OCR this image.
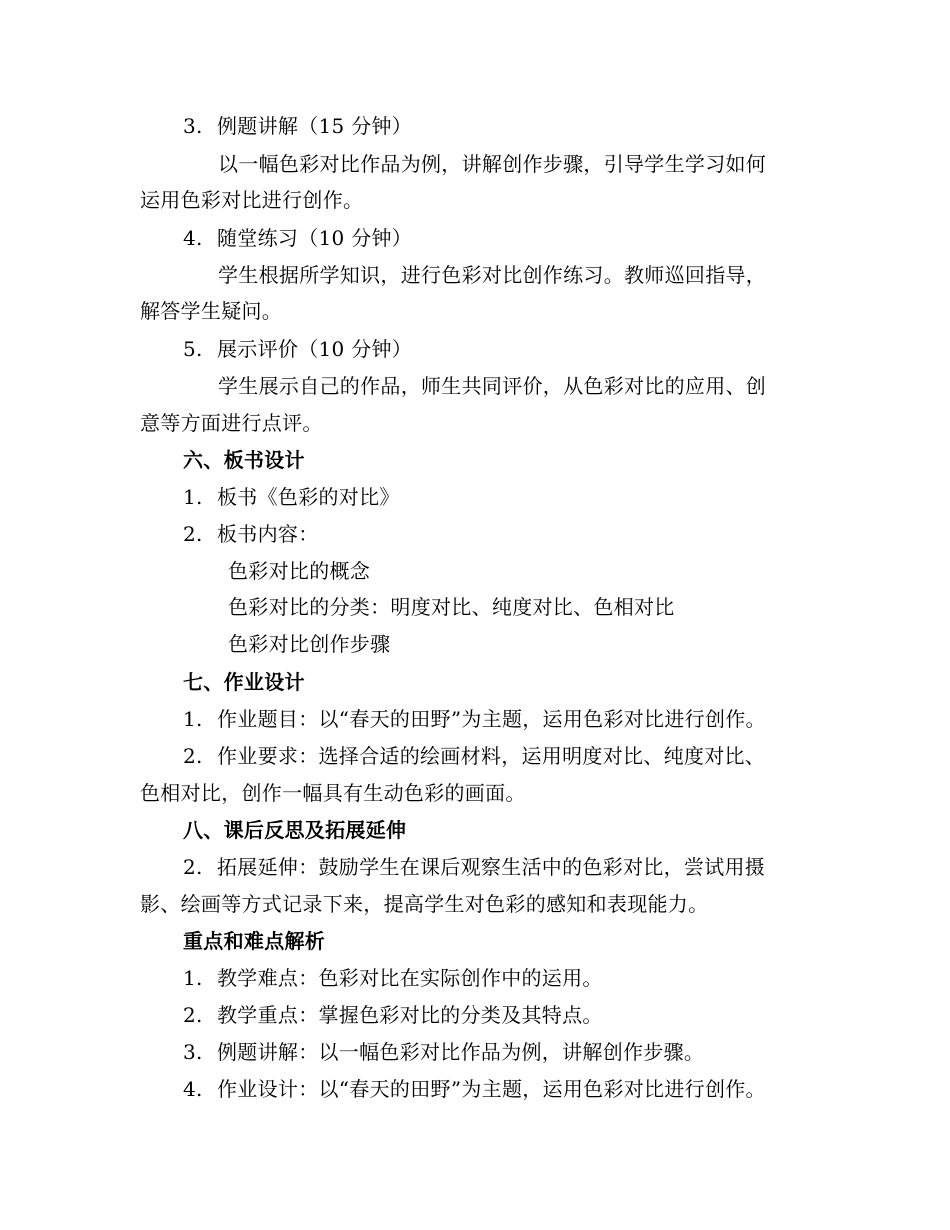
3. 例题讲解（15 分钟）
以一幅色彩对比作品为例，讲解创作步骤，引导学生学习如何
运用色彩对比进行创作。
4. 随堂练习（10 分钟）
学生根据所学知识，进行色彩对比创作练习。教师巡回指导，
解答学生疑问。
5. 展示评价（10 分钟）
学生展示自己的作品，师生共同评价，从色彩对比的应用、创
意等方面进行点评。
六、板书设计
1. 板书《色彩的对比》
2. 板书内容：
色彩对比的概念
色彩对比的分类：明度对比、纯度对比、色相对比
色彩对比创作步骤
七、作业设计
1. 作业题目：以“春天的田野”为主题，运用色彩对比进行创作。
2. 作业要求：选择合适的绘画材料，运用明度对比、纯度对比、
色相对比，创作一幅具有生动色彩的画面。
八、课后反思及拓展延伸
2. 拓展延伸：鼓励学生在课后观察生活中的色彩对比，尝试用摄
影、绘画等方式记录下来，提高学生对色彩的感知和表现能力。
重点和难点解析
1. 教学难点：色彩对比在实际创作中的运用。
2. 教学重点：掌握色彩对比的分类及其特点。
3. 例题讲解：以一幅色彩对比作品为例，讲解创作步骤。
4. 作业设计：以“春天的田野”为主题，运用色彩对比进行创作。
